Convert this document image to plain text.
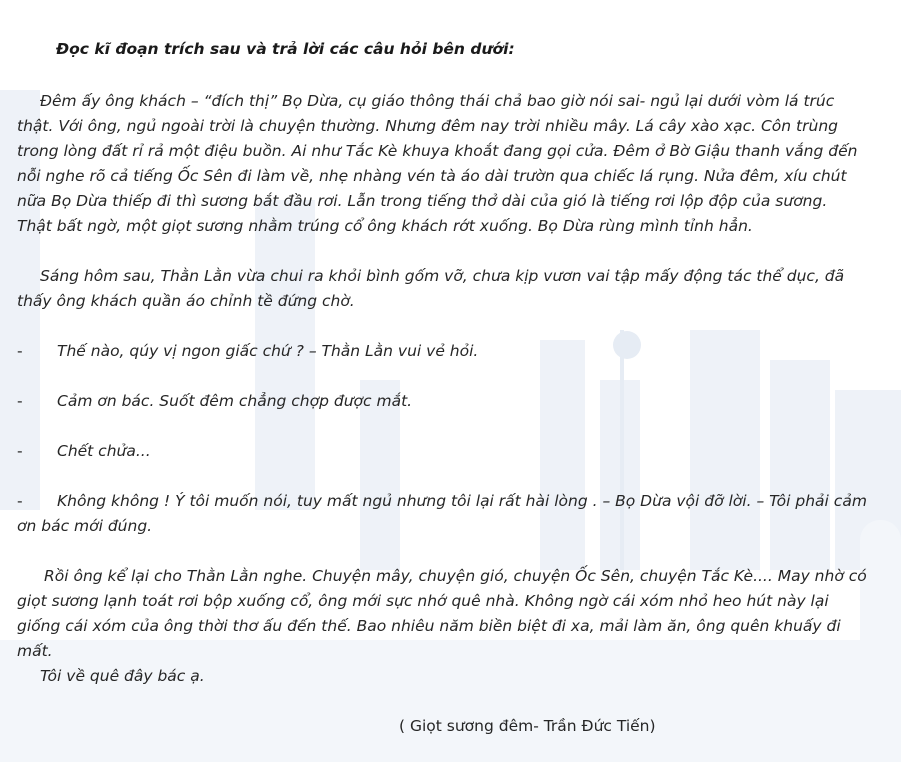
Đọc kĩ đoạn trích sau và trả lời các câu hỏi bên dưới:

Đêm ấy ông khách – “đích thị” Bọ Dừa, cụ giáo thông thái chả bao giờ nói sai- ngủ lại dưới vòm lá trúc thật. Với ông, ngủ ngoài trời là chuyện thường. Nhưng đêm nay trời nhiều mây. Lá cây xào xạc. Côn trùng trong lòng đất rỉ rả một điệu buồn. Ai như Tắc Kè khuya khoắt đang gọi cửa. Đêm ở Bờ Giậu thanh vắng đến nỗi nghe rõ cả tiếng Ốc Sên đi làm về, nhẹ nhàng vén tà áo dài trườn qua chiếc lá rụng. Nửa đêm, xíu chút nữa Bọ Dừa thiếp đi thì sương bắt đầu rơi. Lẫn trong tiếng thở dài của gió là tiếng rơi lộp độp của sương. Thật bất ngờ, một giọt sương nhằm trúng cổ ông khách rớt xuống. Bọ Dừa rùng mình tỉnh hẳn.

Sáng hôm sau, Thằn Lằn vừa chui ra khỏi bình gốm vỡ, chưa kịp vươn vai tập mấy động tác thể dục, đã thấy ông khách quần áo chỉnh tề đứng chờ.

- Thế nào, qúy vị ngon giấc chứ ? – Thằn Lằn vui vẻ hỏi.
- Cảm ơn bác. Suốt đêm chẳng chợp được mắt.
- Chết chửa...
- Không không ! Ý tôi muốn nói, tuy mất ngủ nhưng tôi lại rất hài lòng . – Bọ Dừa vội đỡ lời. – Tôi phải cảm ơn bác mới đúng.

Rồi ông kể lại cho Thằn Lằn nghe. Chuyện mây, chuyện gió, chuyện Ốc Sên, chuyện Tắc Kè.... May nhờ có giọt sương lạnh toát rơi bộp xuống cổ, ông mới sực nhớ quê nhà. Không ngờ cái xóm nhỏ heo hút này lại giống cái xóm của ông thời thơ ấu đến thế. Bao nhiêu năm biền biệt đi xa, mải làm ăn, ông quên khuấy đi mất.

Tôi về quê đây bác ạ.

( Giọt sương đêm- Trần Đức Tiến)
